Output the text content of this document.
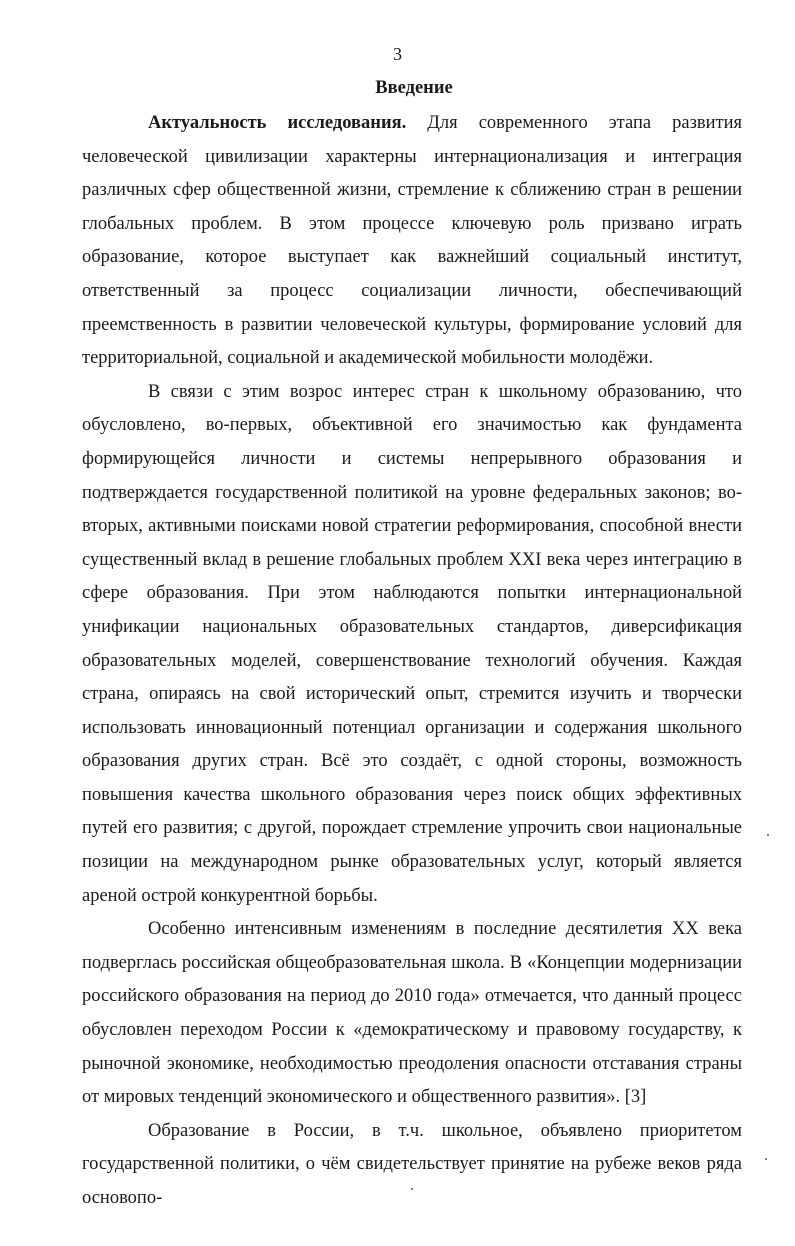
3
Введение

Актуальность исследования. Для современного этапа развития человеческой цивилизации характерны интернационализация и интеграция различных сфер общественной жизни, стремление к сближению стран в решении глобальных проблем. В этом процессе ключевую роль призвано играть образование, которое выступает как важнейший социальный институт, ответственный за процесс социализации личности, обеспечивающий преемственность в развитии человеческой культуры, формирование условий для территориальной, социальной и академической мобильности молодёжи.

В связи с этим возрос интерес стран к школьному образованию, что обусловлено, во-первых, объективной его значимостью как фундамента формирующейся личности и системы непрерывного образования и подтверждается государственной политикой на уровне федеральных законов; во-вторых, активными поисками новой стратегии реформирования, способной внести существенный вклад в решение глобальных проблем XXI века через интеграцию в сфере образования. При этом наблюдаются попытки интернациональной унификации национальных образовательных стандартов, диверсификация образовательных моделей, совершенствование технологий обучения. Каждая страна, опираясь на свой исторический опыт, стремится изучить и творчески использовать инновационный потенциал организации и содержания школьного образования других стран. Всё это создаёт, с одной стороны, возможность повышения качества школьного образования через поиск общих эффективных путей его развития; с другой, порождает стремление упрочить свои национальные позиции на международном рынке образовательных услуг, который является ареной острой конкурентной борьбы.

Особенно интенсивным изменениям в последние десятилетия XX века подверглась российская общеобразовательная школа. В «Концепции модернизации российского образования на период до 2010 года» отмечается, что данный процесс обусловлен переходом России к «демократическому и правовому государству, к рыночной экономике, необходимостью преодоления опасности отставания страны от мировых тенденций экономического и общественного развития». [3]

Образование в России, в т.ч. школьное, объявлено приоритетом государственной политики, о чём свидетельствует принятие на рубеже веков ряда основопо-
